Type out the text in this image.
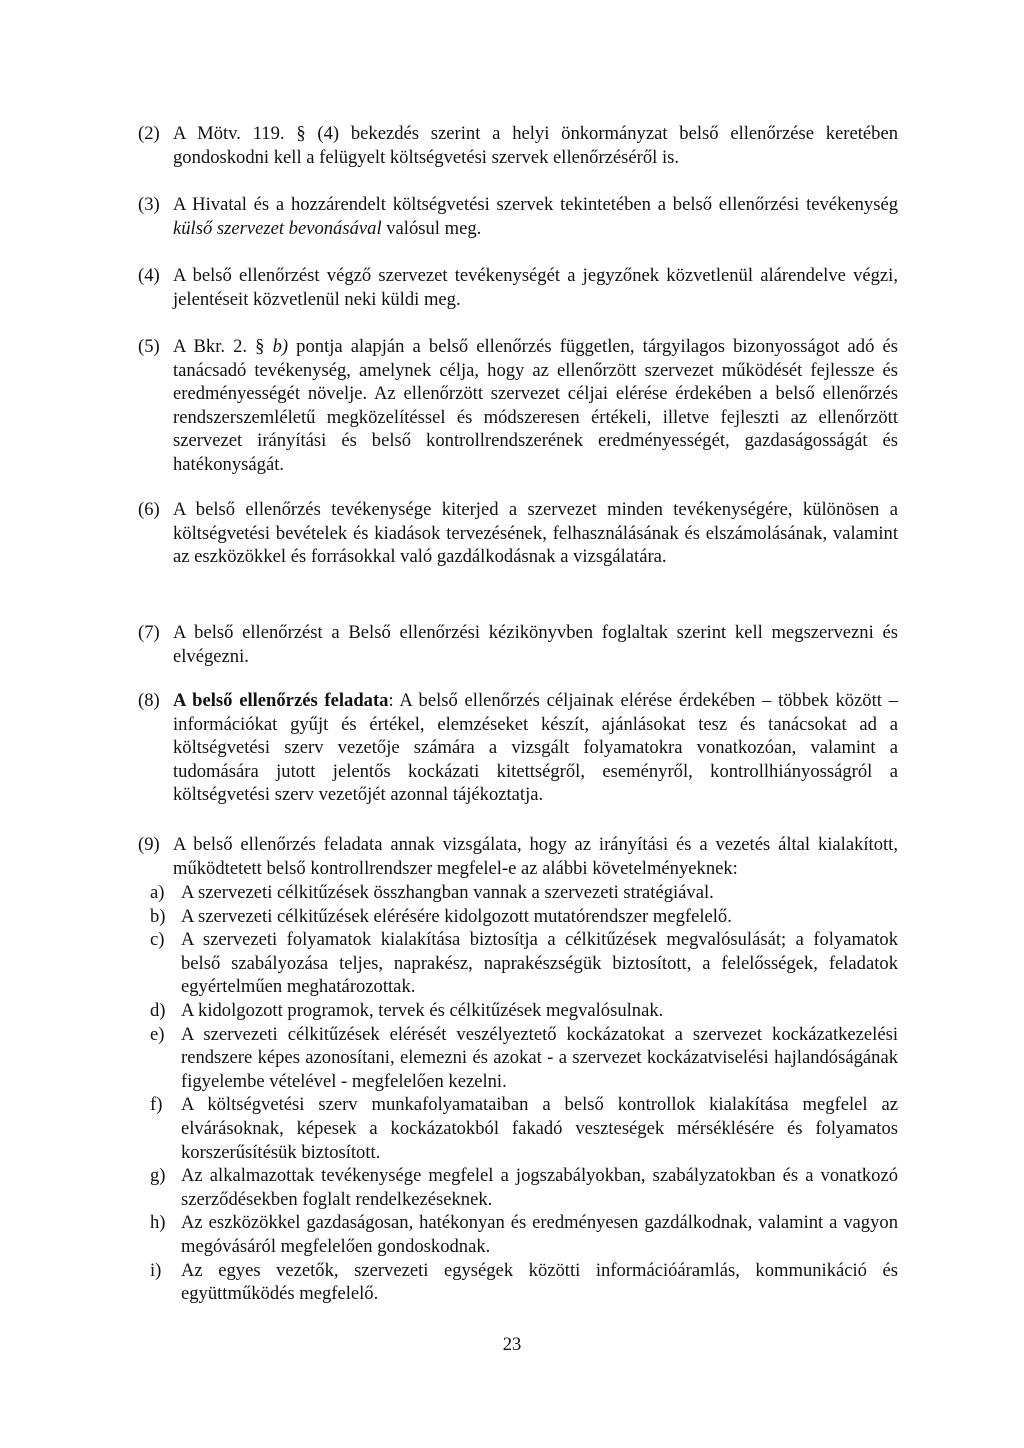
(2) A Mötv. 119. § (4) bekezdés szerint a helyi önkormányzat belső ellenőrzése keretében gondoskodni kell a felügyelt költségvetési szervek ellenőrzéséről is.
(3) A Hivatal és a hozzárendelt költségvetési szervek tekintetében a belső ellenőrzési tevékenység külső szervezet bevonásával valósul meg.
(4) A belső ellenőrzést végző szervezet tevékenységét a jegyzőnek közvetlenül alárendelve végzi, jelentéseit közvetlenül neki küldi meg.
(5) A Bkr. 2. § b) pontja alapján a belső ellenőrzés független, tárgyilagos bizonyosságot adó és tanácsadó tevékenység, amelynek célja, hogy az ellenőrzött szervezet működését fejlessze és eredményességét növelje. Az ellenőrzött szervezet céljai elérése érdekében a belső ellenőrzés rendszerszemléletű megközelítéssel és módszeresen értékeli, illetve fejleszti az ellenőrzött szervezet irányítási és belső kontrollrendszerének eredményességét, gazdaságosságát és hatékonyságát.
(6) A belső ellenőrzés tevékenysége kiterjed a szervezet minden tevékenységére, különösen a költségvetési bevételek és kiadások tervezésének, felhasználásának és elszámolásának, valamint az eszközökkel és forrásokkal való gazdálkodásnak a vizsgálatára.
(7) A belső ellenőrzést a Belső ellenőrzési kézikönyvben foglaltak szerint kell megszervezni és elvégezni.
(8) A belső ellenőrzés feladata: A belső ellenőrzés céljainak elérése érdekében – többek között – információkat gyűjt és értékel, elemzéseket készít, ajánlásokat tesz és tanácsokat ad a költségvetési szerv vezetője számára a vizsgált folyamatokra vonatkozóan, valamint a tudomására jutott jelentős kockázati kitettségről, eseményről, kontrollhiányosságról a költségvetési szerv vezetőjét azonnal tájékoztatja.
(9) A belső ellenőrzés feladata annak vizsgálata, hogy az irányítási és a vezetés által kialakított, működtetett belső kontrollrendszer megfelel-e az alábbi követelményeknek:
a) A szervezeti célkitűzések összhangban vannak a szervezeti stratégiával.
b) A szervezeti célkitűzések elérésére kidolgozott mutatórendszer megfelelő.
c) A szervezeti folyamatok kialakítása biztosítja a célkitűzések megvalósulását; a folyamatok belső szabályozása teljes, naprakész, naprakészségük biztosított, a felelősségek, feladatok egyértelműen meghatározottak.
d) A kidolgozott programok, tervek és célkitűzések megvalósulnak.
e) A szervezeti célkitűzések elérését veszélyeztető kockázatokat a szervezet kockázatkezelési rendszere képes azonosítani, elemezni és azokat - a szervezet kockázatviselési hajlandóságának figyelembe vételével - megfelelően kezelni.
f) A költségvetési szerv munkafolyamataiban a belső kontrollok kialakítása megfelel az elvárásoknak, képesek a kockázatokból fakadó veszteségek mérséklésére és folyamatos korszerűsítésük biztosított.
g) Az alkalmazottak tevékenysége megfelel a jogszabályokban, szabályzatokban és a vonatkozó szerződésekben foglalt rendelkezéseknek.
h) Az eszközökkel gazdaságosan, hatékonyan és eredményesen gazdálkodnak, valamint a vagyon megóvásáról megfelelően gondoskodnak.
i) Az egyes vezetők, szervezeti egységek közötti információáramlás, kommunikáció és együttműködés megfelelő.
23
